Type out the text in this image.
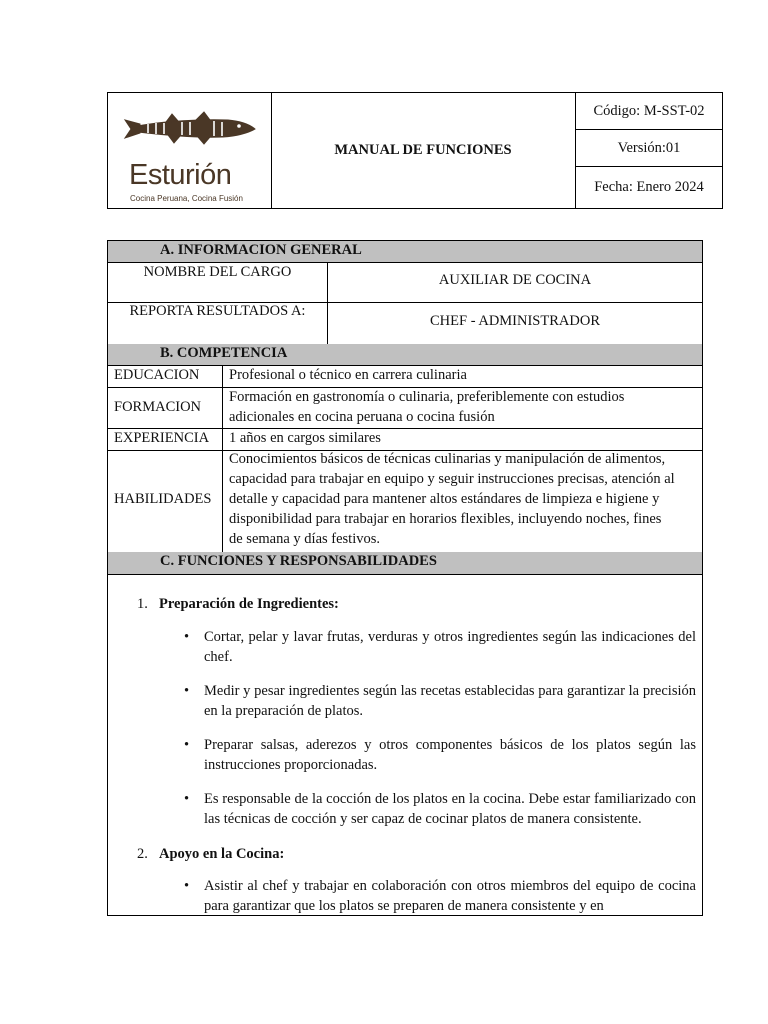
Esturión
Cocina Peruana, Cocina Fusión
MANUAL DE FUNCIONES
Código: M-SST-02
Versión:01
Fecha: Enero 2024
A. INFORMACION GENERAL
NOMBRE DEL CARGO	AUXILIAR DE COCINA
REPORTA RESULTADOS A:
CHEF - ADMINISTRADOR
B. COMPETENCIA
EDUCACION Profesional o técnico en carrera culinaria
FORMACION
Formación en gastronomía o culinaria, preferiblemente con estudios
adicionales en cocina peruana o cocina fusión
EXPERIENCIA 1 años en cargos similares
HABILIDADES
Conocimientos básicos de técnicas culinarias y manipulación de alimentos,
capacidad para trabajar en equipo y seguir instrucciones precisas, atención al
detalle y capacidad para mantener altos estándares de limpieza e higiene y
disponibilidad para trabajar en horarios flexibles, incluyendo noches, fines
de semana y días festivos.
C. FUNCIONES Y RESPONSABILIDADES
1. Preparación de Ingredientes:
• Cortar, pelar y lavar frutas, verduras y otros ingredientes según las indicaciones del chef.
• Medir y pesar ingredientes según las recetas establecidas para garantizar la precisión en la preparación de platos.
• Preparar salsas, aderezos y otros componentes básicos de los platos según las instrucciones proporcionadas.
• Es responsable de la cocción de los platos en la cocina. Debe estar familiarizado con las técnicas de cocción y ser capaz de cocinar platos de manera consistente.
2. Apoyo en la Cocina:
• Asistir al chef y trabajar en colaboración con otros miembros del equipo de cocina para garantizar que los platos se preparen de manera consistente y en
